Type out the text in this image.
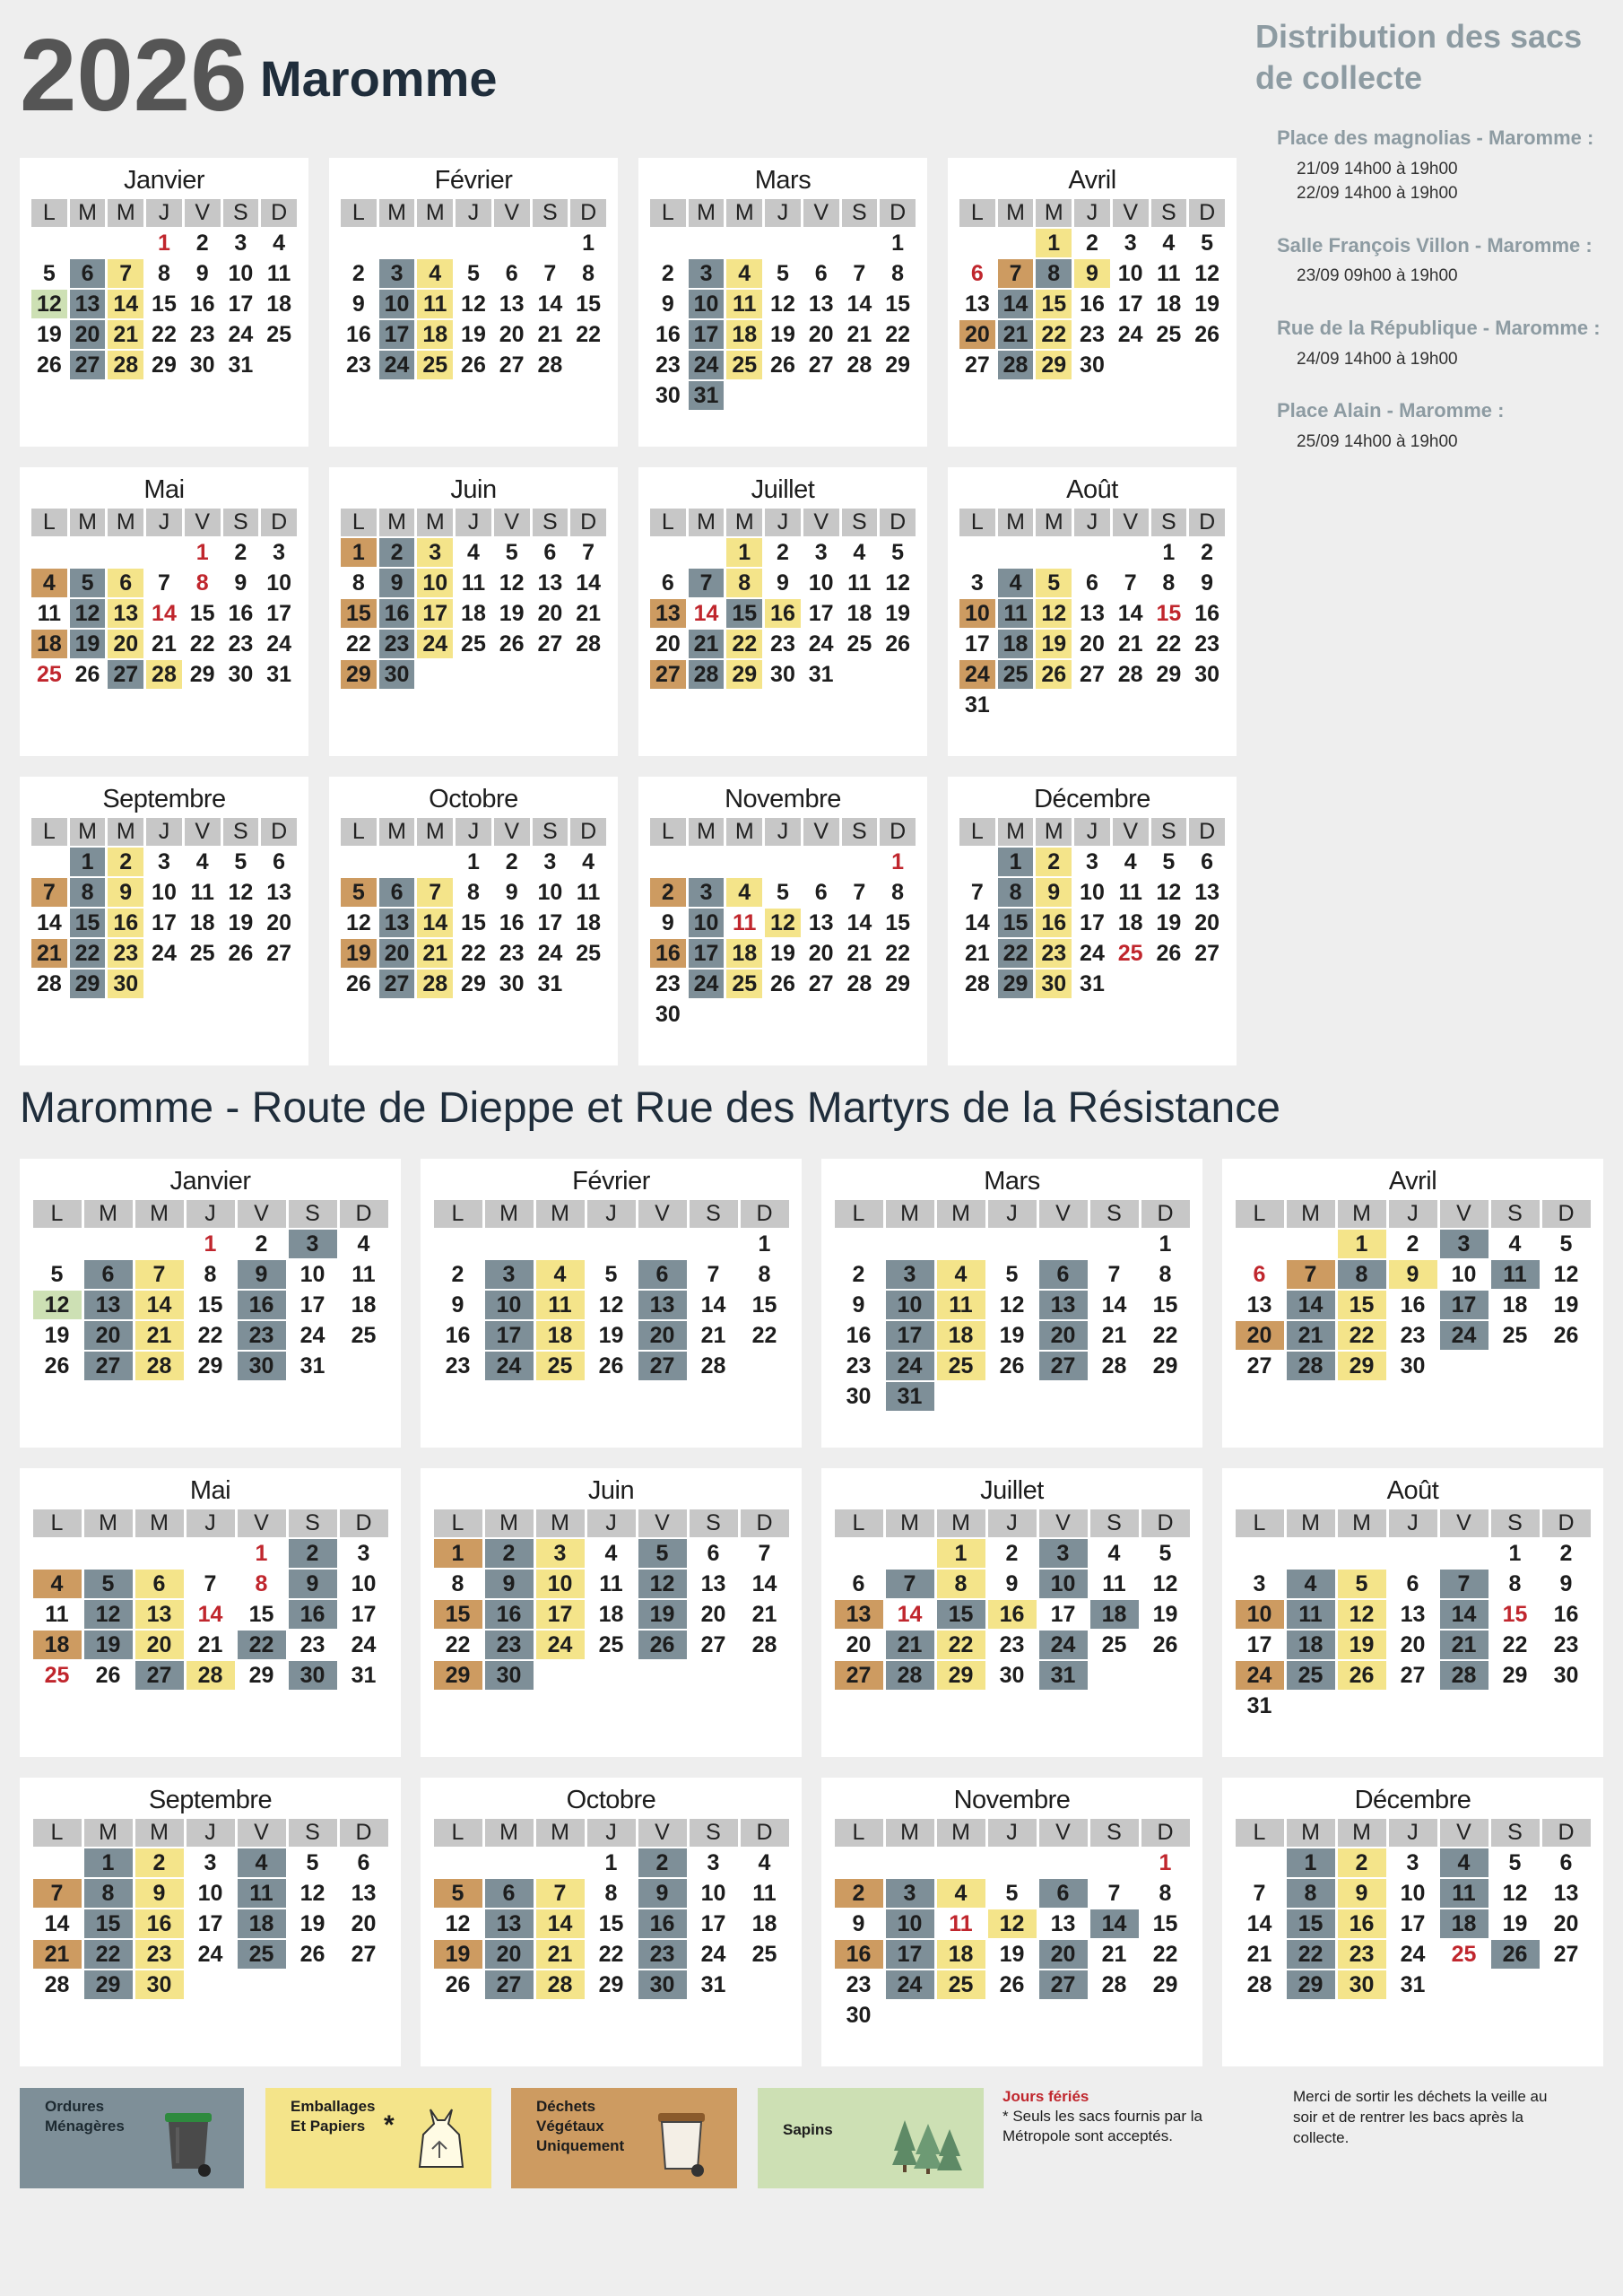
2026 Maromme
Distribution des sacs de collecte
Place des magnolias - Maromme :
21/09 14h00 à 19h00
22/09 14h00 à 19h00
Salle François Villon - Maromme :
23/09 09h00 à 19h00
Rue de la République - Maromme :
24/09 14h00 à 19h00
Place Alain - Maromme :
25/09 14h00 à 19h00
Janvier
L	M	M	J	V	S	D
			1	2	3	4
5	6	7	8	9	10	11
12	13	14	15	16	17	18
19	20	21	22	23	24	25
26	27	28	29	30	31	
Février
L	M	M	J	V	S	D
						1
2	3	4	5	6	7	8
9	10	11	12	13	14	15
16	17	18	19	20	21	22
23	24	25	26	27	28	
Mars
L	M	M	J	V	S	D
						1
2	3	4	5	6	7	8
9	10	11	12	13	14	15
16	17	18	19	20	21	22
23	24	25	26	27	28	29
30	31					
Avril
L	M	M	J	V	S	D
		1	2	3	4	5
6	7	8	9	10	11	12
13	14	15	16	17	18	19
20	21	22	23	24	25	26
27	28	29	30			
Mai
L	M	M	J	V	S	D
				1	2	3
4	5	6	7	8	9	10
11	12	13	14	15	16	17
18	19	20	21	22	23	24
25	26	27	28	29	30	31
Juin
L	M	M	J	V	S	D
1	2	3	4	5	6	7
8	9	10	11	12	13	14
15	16	17	18	19	20	21
22	23	24	25	26	27	28
29	30					
Juillet
L	M	M	J	V	S	D
		1	2	3	4	5
6	7	8	9	10	11	12
13	14	15	16	17	18	19
20	21	22	23	24	25	26
27	28	29	30	31		
Août
L	M	M	J	V	S	D
					1	2
3	4	5	6	7	8	9
10	11	12	13	14	15	16
17	18	19	20	21	22	23
24	25	26	27	28	29	30
31						
Septembre
L	M	M	J	V	S	D
	1	2	3	4	5	6
7	8	9	10	11	12	13
14	15	16	17	18	19	20
21	22	23	24	25	26	27
28	29	30				
Octobre
L	M	M	J	V	S	D
			1	2	3	4
5	6	7	8	9	10	11
12	13	14	15	16	17	18
19	20	21	22	23	24	25
26	27	28	29	30	31	
Novembre
L	M	M	J	V	S	D
						1
2	3	4	5	6	7	8
9	10	11	12	13	14	15
16	17	18	19	20	21	22
23	24	25	26	27	28	29
30						
Décembre
L	M	M	J	V	S	D
	1	2	3	4	5	6
7	8	9	10	11	12	13
14	15	16	17	18	19	20
21	22	23	24	25	26	27
28	29	30	31			
Maromme - Route de Dieppe et Rue des Martyrs de la Résistance
Janvier
L	M	M	J	V	S	D
			1	2	3	4
5	6	7	8	9	10	11
12	13	14	15	16	17	18
19	20	21	22	23	24	25
26	27	28	29	30	31	
Février
L	M	M	J	V	S	D
						1
2	3	4	5	6	7	8
9	10	11	12	13	14	15
16	17	18	19	20	21	22
23	24	25	26	27	28	
Mars
L	M	M	J	V	S	D
						1
2	3	4	5	6	7	8
9	10	11	12	13	14	15
16	17	18	19	20	21	22
23	24	25	26	27	28	29
30	31					
Avril
L	M	M	J	V	S	D
		1	2	3	4	5
6	7	8	9	10	11	12
13	14	15	16	17	18	19
20	21	22	23	24	25	26
27	28	29	30			
Mai
L	M	M	J	V	S	D
				1	2	3
4	5	6	7	8	9	10
11	12	13	14	15	16	17
18	19	20	21	22	23	24
25	26	27	28	29	30	31
Juin
L	M	M	J	V	S	D
1	2	3	4	5	6	7
8	9	10	11	12	13	14
15	16	17	18	19	20	21
22	23	24	25	26	27	28
29	30					
Juillet
L	M	M	J	V	S	D
		1	2	3	4	5
6	7	8	9	10	11	12
13	14	15	16	17	18	19
20	21	22	23	24	25	26
27	28	29	30	31		
Août
L	M	M	J	V	S	D
					1	2
3	4	5	6	7	8	9
10	11	12	13	14	15	16
17	18	19	20	21	22	23
24	25	26	27	28	29	30
31						
Septembre
L	M	M	J	V	S	D
	1	2	3	4	5	6
7	8	9	10	11	12	13
14	15	16	17	18	19	20
21	22	23	24	25	26	27
28	29	30				
Octobre
L	M	M	J	V	S	D
			1	2	3	4
5	6	7	8	9	10	11
12	13	14	15	16	17	18
19	20	21	22	23	24	25
26	27	28	29	30	31	
Novembre
L	M	M	J	V	S	D
						1
2	3	4	5	6	7	8
9	10	11	12	13	14	15
16	17	18	19	20	21	22
23	24	25	26	27	28	29
30						
Décembre
L	M	M	J	V	S	D
	1	2	3	4	5	6
7	8	9	10	11	12	13
14	15	16	17	18	19	20
21	22	23	24	25	26	27
28	29	30	31			
Ordures
Ménagères
Emballages
Et Papiers *
Déchets
Végétaux
Uniquement
Sapins
Jours fériés
* Seuls les sacs fournis par la Métropole sont acceptés.
Merci de sortir les déchets la veille au soir et de rentrer les bacs après la collecte.
